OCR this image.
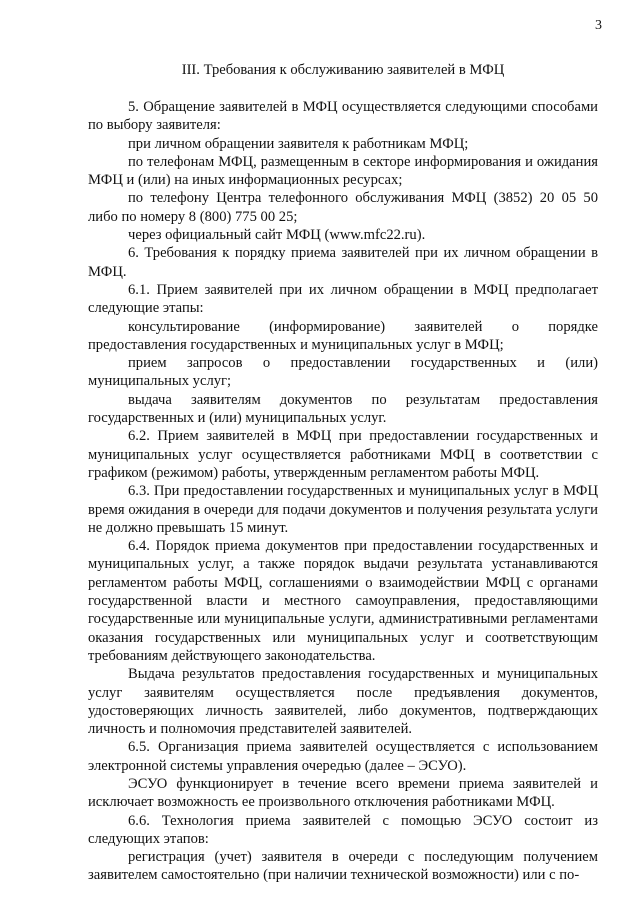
3
III. Требования к обслуживанию заявителей в МФЦ

5. Обращение заявителей в МФЦ осуществляется следующими способами по выбору заявителя:

при личном обращении заявителя к работникам МФЦ;

по телефонам МФЦ, размещенным в секторе информирования и ожидания МФЦ и (или) на иных информационных ресурсах;

по телефону Центра телефонного обслуживания МФЦ (3852) 20 05 50 либо по номеру 8 (800) 775 00 25;

через официальный сайт МФЦ (www.mfc22.ru).

6. Требования к порядку приема заявителей при их личном обращении в МФЦ.

6.1. Прием заявителей при их личном обращении в МФЦ предполагает следующие этапы:

консультирование (информирование) заявителей о порядке предоставления государственных и муниципальных услуг в МФЦ;

прием запросов о предоставлении государственных и (или) муниципальных услуг;

выдача заявителям документов по результатам предоставления государственных и (или) муниципальных услуг.

6.2. Прием заявителей в МФЦ при предоставлении государственных и муниципальных услуг осуществляется работниками МФЦ в соответствии с графиком (режимом) работы, утвержденным регламентом работы МФЦ.

6.3. При предоставлении государственных и муниципальных услуг в МФЦ время ожидания в очереди для подачи документов и получения результата услуги не должно превышать 15 минут.

6.4. Порядок приема документов при предоставлении государственных и муниципальных услуг, а также порядок выдачи результата устанавливаются регламентом работы МФЦ, соглашениями о взаимодействии МФЦ с органами государственной власти и местного самоуправления, предоставляющими государственные или муниципальные услуги, административными регламентами оказания государственных или муниципальных услуг и соответствующим требованиям действующего законодательства.

Выдача результатов предоставления государственных и муниципальных услуг заявителям осуществляется после предъявления документов, удостоверяющих личность заявителей, либо документов, подтверждающих личность и полномочия представителей заявителей.

6.5. Организация приема заявителей осуществляется с использованием электронной системы управления очередью (далее – ЭСУО).

ЭСУО функционирует в течение всего времени приема заявителей и исключает возможность ее произвольного отключения работниками МФЦ.

6.6. Технология приема заявителей с помощью ЭСУО состоит из следующих этапов:

регистрация (учет) заявителя в очереди с последующим получением заявителем самостоятельно (при наличии технической возможности) или с по-
